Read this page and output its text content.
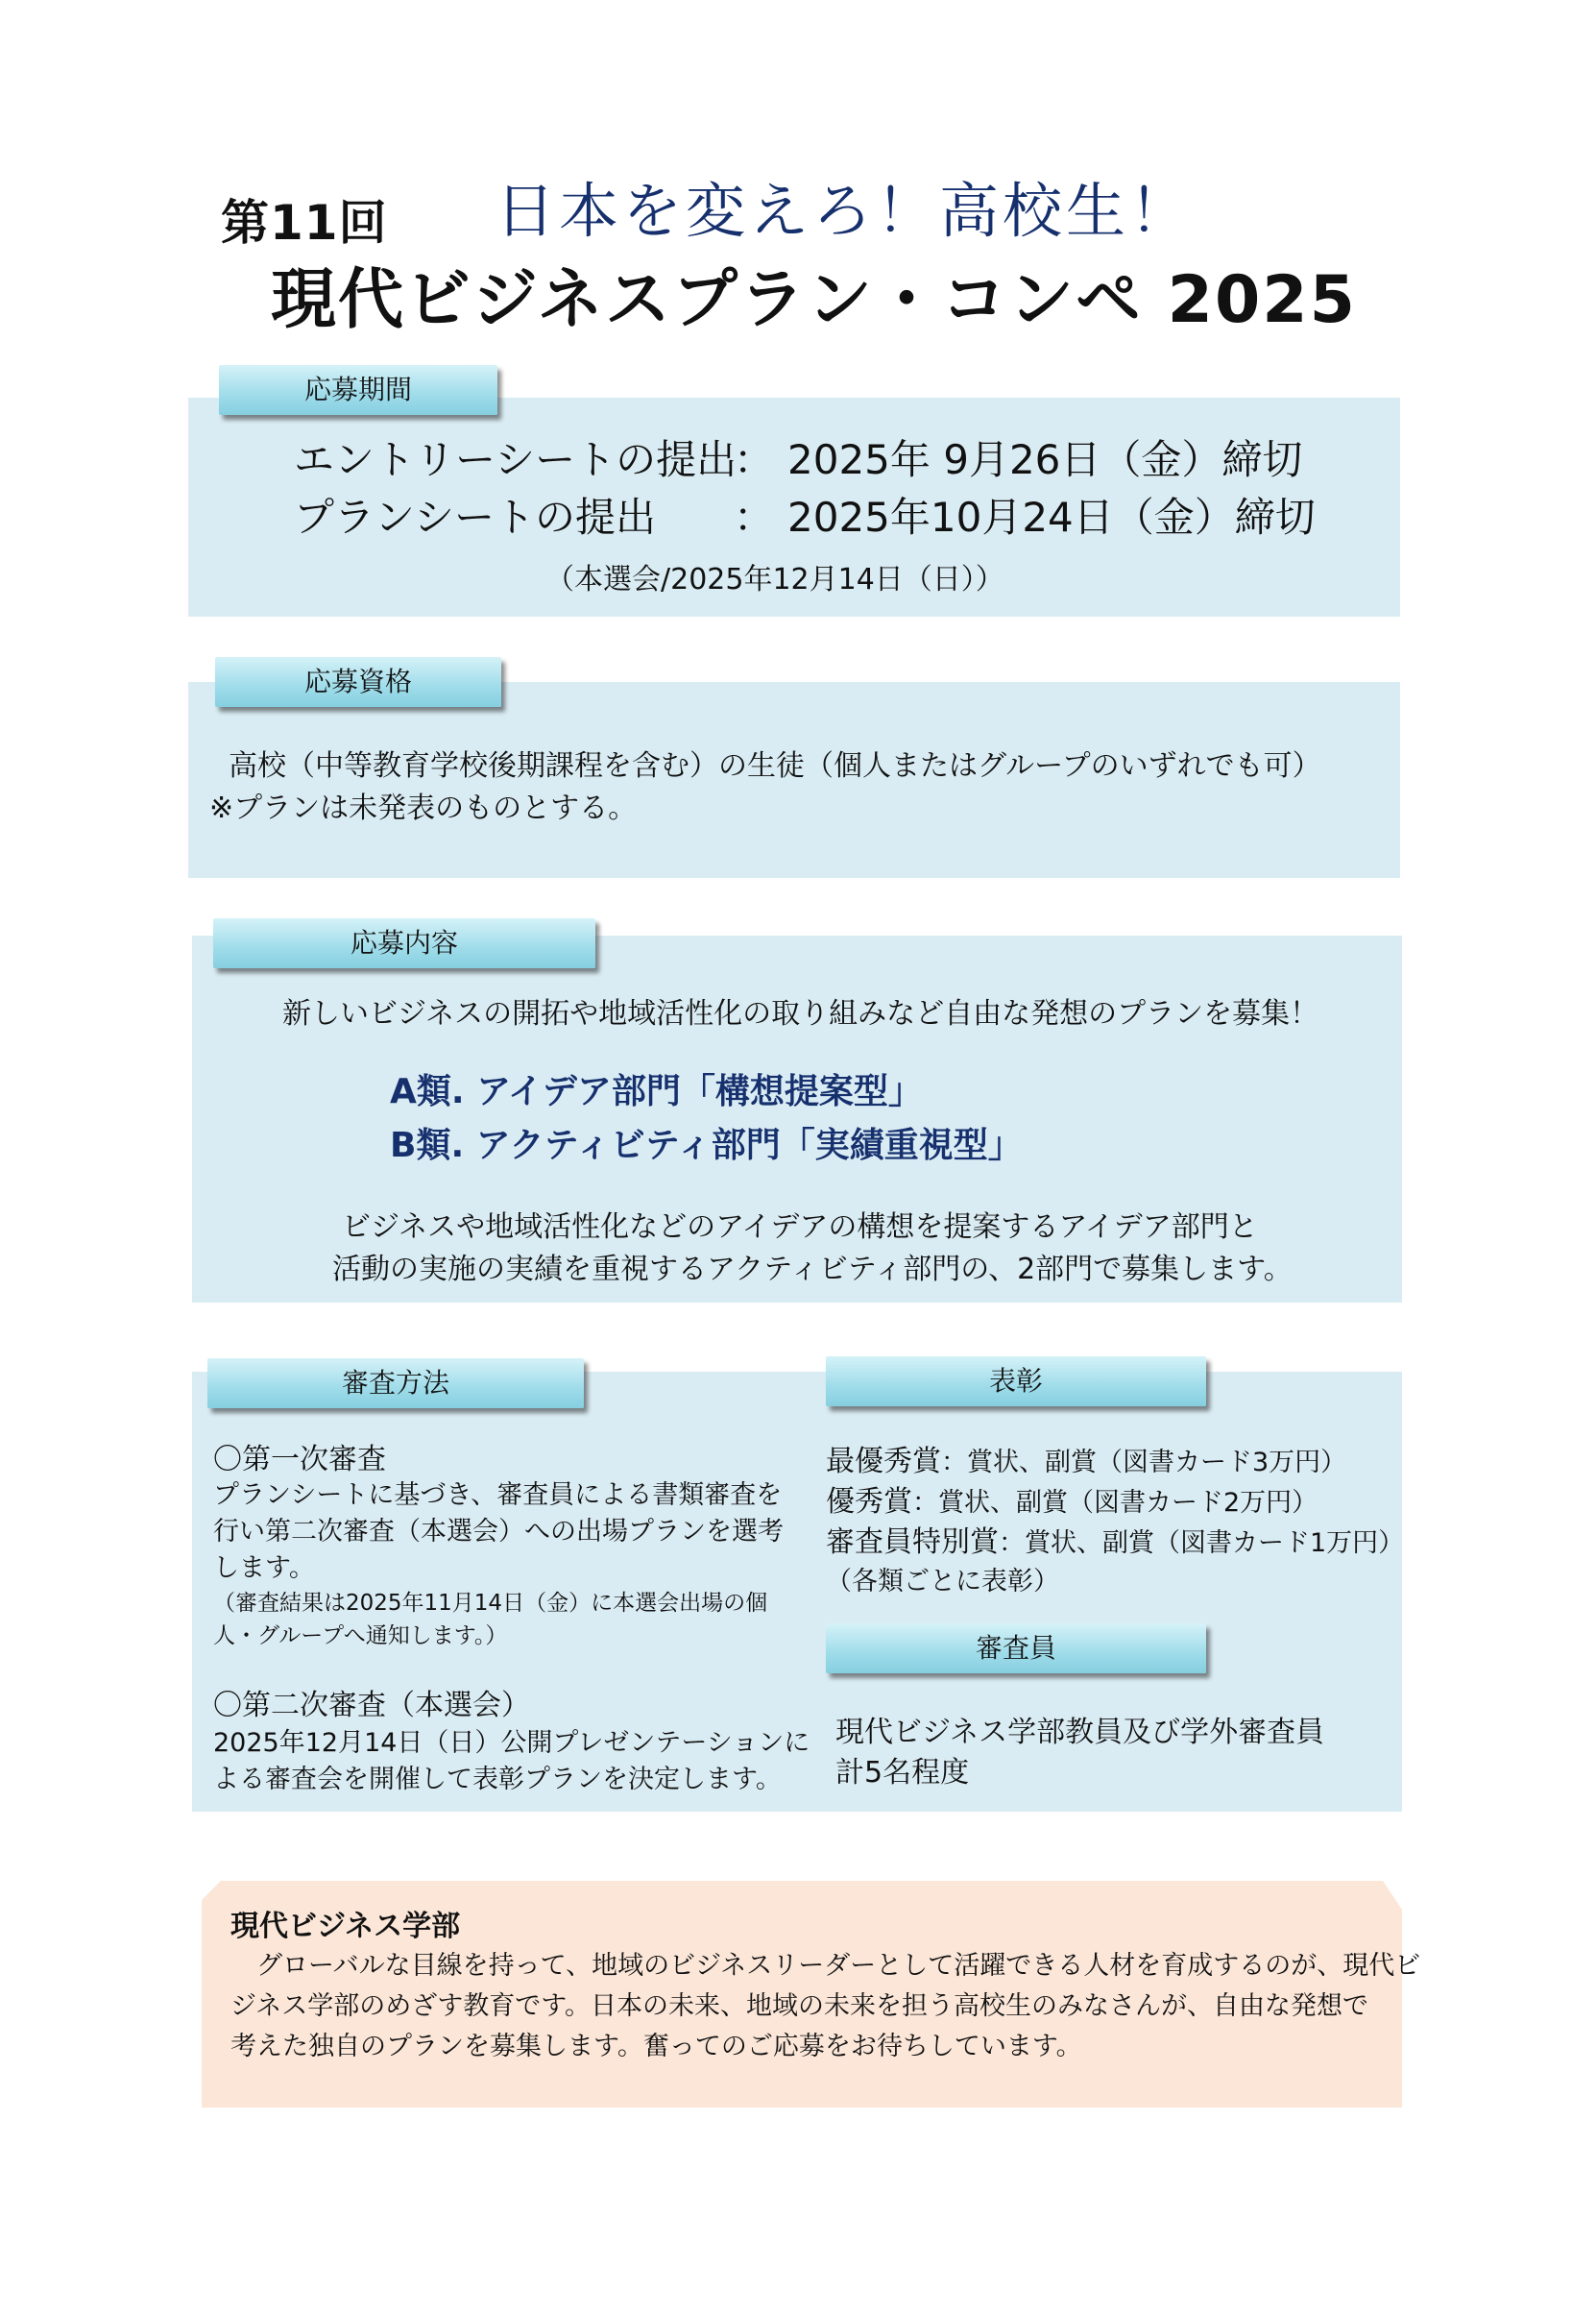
第11回 日本を変えろ！高校生！
現代ビジネスプラン・コンペ 2025
応募期間
エントリーシートの提出
： 2025年 9月26日（金）締切
プランシートの提出 ： 2025年10月24日（金）締切
（本選会/2025年12月14日（日））
応募資格
高校（中等教育学校後期課程を含む）の生徒（個人またはグループのいずれでも可）
※プランは未発表のものとする。
応募内容
新しいビジネスの開拓や地域活性化の取り組みなど自由な発想のプランを募集！
A類. アイデア部門「構想提案型」
B類. アクティビティ部門「実績重視型」
ビジネスや地域活性化などのアイデアの構想を提案するアイデア部門と
活動の実施の実績を重視するアクティビティ部門の、2部門で募集します。
審査方法	表彰
〇第一次審査
プランシートに基づき、審査員による書類審査を
行い第二次審査（本選会）への出場プランを選考
します。
（審査結果は2025年11月14日（金）に本選会出場の個
人・グループへ通知します。）
〇第二次審査（本選会）
2025年12月14日（日）公開プレゼンテーションに
よる審査会を開催して表彰プランを決定します。
最優秀賞：賞状、副賞（図書カード3万円）
優秀賞：賞状、副賞（図書カード2万円）
審査員特別賞：賞状、副賞（図書カード1万円）
（各類ごとに表彰）
審査員
現代ビジネス学部教員及び学外審査員
計5名程度
現代ビジネス学部
　グローバルな目線を持って、地域のビジネスリーダーとして活躍できる人材を育成するのが、現代ビ
ジネス学部のめざす教育です。日本の未来、地域の未来を担う高校生のみなさんが、自由な発想で
考えた独自のプランを募集します。奮ってのご応募をお待ちしています。
